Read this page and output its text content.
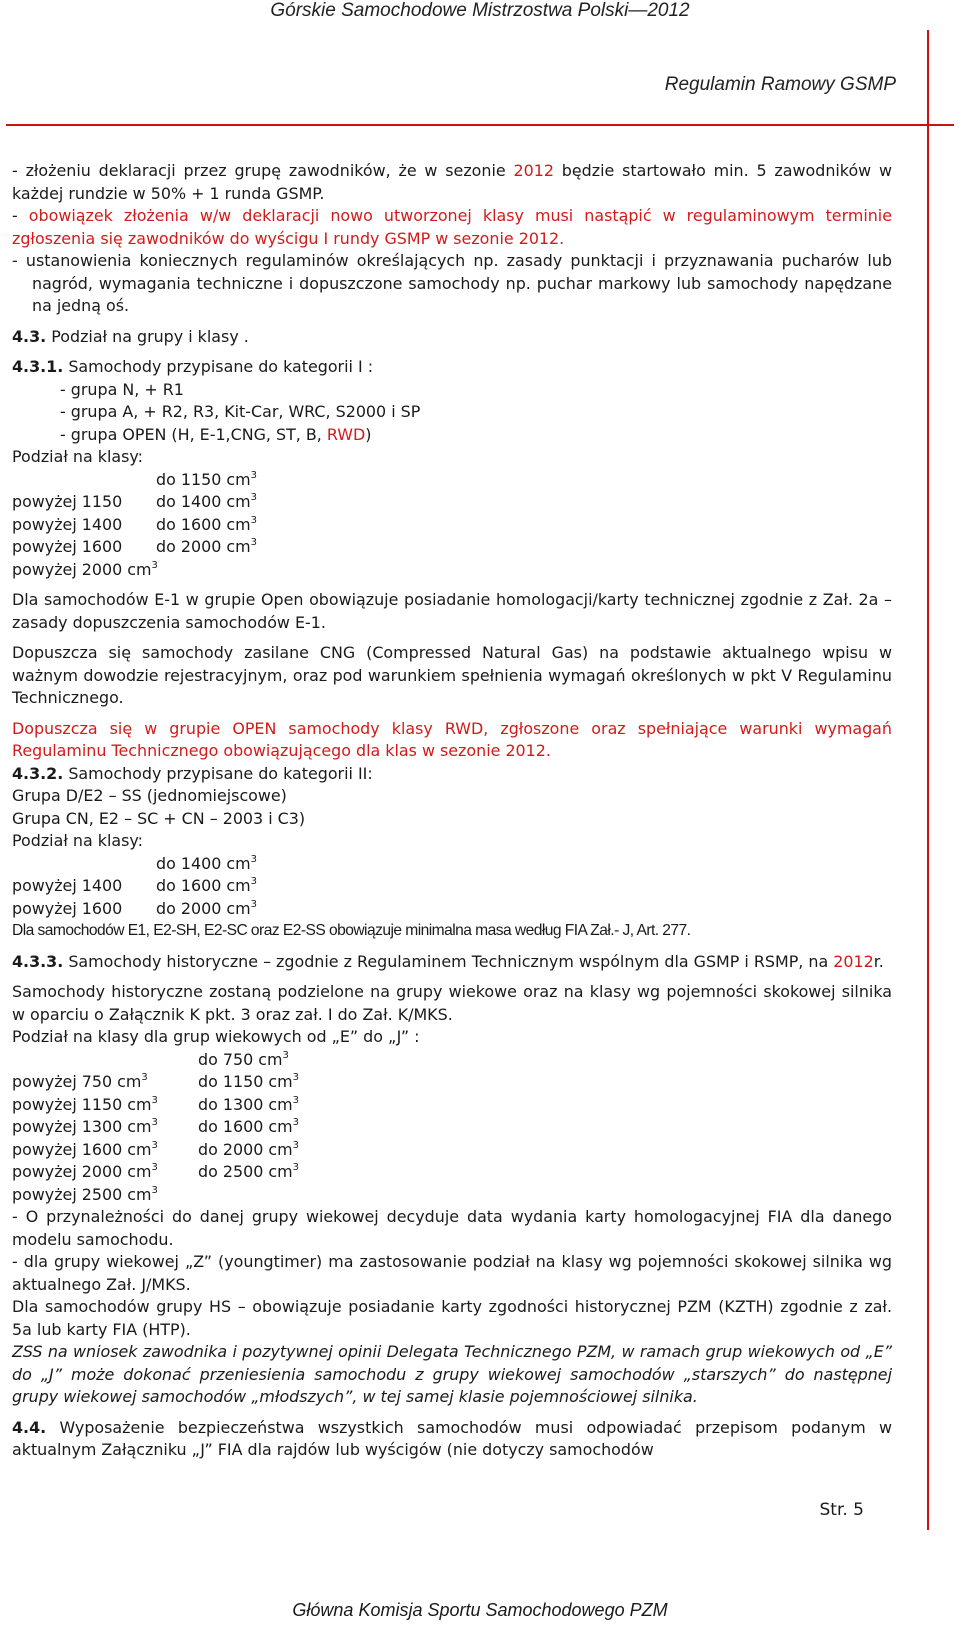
Górskie Samochodowe Mistrzostwa Polski—2012
Regulamin Ramowy GSMP

- złożeniu deklaracji przez grupę zawodników, że w sezonie 2012 będzie startowało min. 5 zawodników w każdej rundzie w 50% + 1 runda GSMP.

- obowiązek złożenia w/w deklaracji nowo utworzonej klasy musi nastąpić w regulaminowym terminie zgłoszenia się zawodników do wyścigu I rundy GSMP w sezonie 2012.

- ustanowienia koniecznych regulaminów określających np. zasady punktacji i przyznawania pucharów lub nagród, wymagania techniczne i dopuszczone samochody np. puchar markowy lub samochody napędzane na jedną oś.

4.3. Podział na grupy i klasy .

4.3.1. Samochody przypisane do kategorii I :

- grupa N, + R1

- grupa A, + R2, R3, Kit-Car, WRC, S2000 i SP

- grupa OPEN (H, E-1,CNG, ST, B, RWD)

Podział na klasy:

do 1150 $cm^3$

powyżej 1150 do 1400 $cm^3$

powyżej 1400 do 1600 $cm^3$

powyżej 1600 do 2000 $cm^3$

powyżej 2000 $cm^3$

Dla samochodów E-1 w grupie Open obowiązuje posiadanie homologacji/karty technicznej zgodnie z Zał. 2a – zasady dopuszczenia samochodów E-1.

Dopuszcza się samochody zasilane CNG (Compressed Natural Gas) na podstawie aktualnego wpisu w ważnym dowodzie rejestracyjnym, oraz pod warunkiem spełnienia wymagań określonych w pkt V Regulaminu Technicznego.

Dopuszcza się w grupie OPEN samochody klasy RWD, zgłoszone oraz spełniające warunki wymagań Regulaminu Technicznego obowiązującego dla klas w sezonie 2012.

4.3.2. Samochody przypisane do kategorii II:

Grupa D/E2 – SS (jednomiejscowe)

Grupa CN, E2 – SC + CN – 2003 i C3)

Podział na klasy:

do 1400 $cm^3$

powyżej 1400 do 1600 $cm^3$

powyżej 1600 do 2000 $cm^3$

Dla samochodów E1, E2-SH, E2-SC oraz E2-SS obowiązuje minimalna masa według FIA Zał.- J, Art. 277.

4.3.3. Samochody historyczne – zgodnie z Regulaminem Technicznym wspólnym dla GSMP i RSMP, na 2012r.

Samochody historyczne zostaną podzielone na grupy wiekowe oraz na klasy wg pojemności skokowej silnika w oparciu o Załącznik K pkt. 3 oraz zał. I do Zał. K/MKS.

Podział na klasy dla grup wiekowych od „E” do „J” :

do 750 $cm^3$

powyżej 750 $cm^3$	do 1150 $cm^3$

powyżej 1150 $cm^3$	do 1300 $cm^3$

powyżej 1300 $cm^3$	do 1600 $cm^3$

powyżej 1600 $cm^3$	do 2000 $cm^3$

powyżej 2000 $cm^3$	do 2500 $cm^3$

powyżej 2500 $cm^3$

- O przynależności do danej grupy wiekowej decyduje data wydania karty homologacyjnej FIA dla danego modelu samochodu.

- dla grupy wiekowej „Z” (youngtimer) ma zastosowanie podział na klasy wg pojemności skokowej silnika wg aktualnego Zał. J/MKS.

Dla samochodów grupy HS – obowiązuje posiadanie karty zgodności historycznej PZM (KZTH) zgodnie z zał. 5a lub karty FIA (HTP).

ZSS na wniosek zawodnika i pozytywnej opinii Delegata Technicznego PZM, w ramach grup wiekowych od „E” do „J” może dokonać przeniesienia samochodu z grupy wiekowej samochodów „starszych” do następnej grupy wiekowej samochodów „młodszych”, w tej samej klasie pojemnościowej silnika.

4.4. Wyposażenie bezpieczeństwa wszystkich samochodów musi odpowiadać przepisom podanym w aktualnym Załączniku „J” FIA dla rajdów lub wyścigów (nie dotyczy samochodów

Str. 5
Główna Komisja Sportu Samochodowego PZM
